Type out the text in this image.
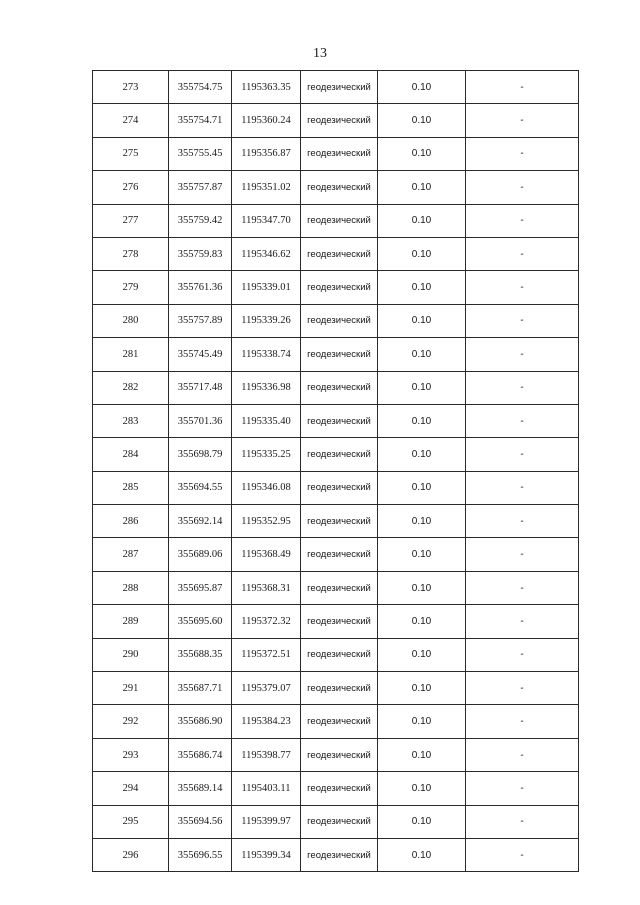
13
273	355754.75	1195363.35	геодезический	0.10	-
274	355754.71	1195360.24	геодезический	0.10	-
275	355755.45	1195356.87	геодезический	0.10	-
276	355757.87	1195351.02	геодезический	0.10	-
277	355759.42	1195347.70	геодезический	0.10	-
278	355759.83	1195346.62	геодезический	0.10	-
279	355761.36	1195339.01	геодезический	0.10	-
280	355757.89	1195339.26	геодезический	0.10	-
281	355745.49	1195338.74	геодезический	0.10	-
282	355717.48	1195336.98	геодезический	0.10	-
283	355701.36	1195335.40	геодезический	0.10	-
284	355698.79	1195335.25	геодезический	0.10	-
285	355694.55	1195346.08	геодезический	0.10	-
286	355692.14	1195352.95	геодезический	0.10	-
287	355689.06	1195368.49	геодезический	0.10	-
288	355695.87	1195368.31	геодезический	0.10	-
289	355695.60	1195372.32	геодезический	0.10	-
290	355688.35	1195372.51	геодезический	0.10	-
291	355687.71	1195379.07	геодезический	0.10	-
292	355686.90	1195384.23	геодезический	0.10	-
293	355686.74	1195398.77	геодезический	0.10	-
294	355689.14	1195403.11	геодезический	0.10	-
295	355694.56	1195399.97	геодезический	0.10	-
296	355696.55	1195399.34	геодезический	0.10	-
